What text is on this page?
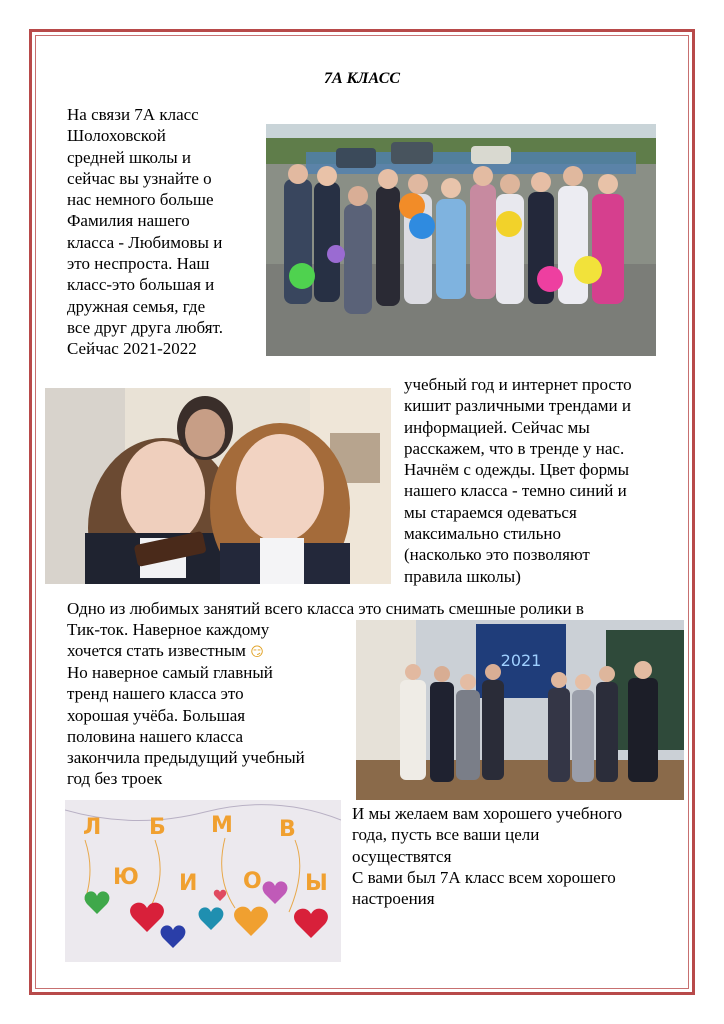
7А КЛАСС
На связи 7А класс
Шолоховской
средней школы и
сейчас вы узнайте о
нас немного больше
Фамилия нашего
класса - Любимовы и
это неспроста. Наш
класс-это большая и
дружная семья, где
все друг друга любят.
Сейчас 2021-2022
учебный год и интернет просто
кишит различными трендами и
информацией. Сейчас мы
расскажем, что в тренде у нас.
Начнём с одежды. Цвет формы
нашего класса - темно синий и
мы стараемся одеваться
максимально стильно
(насколько это позволяют
правила школы)
Одно из любимых занятий всего класса это снимать смешные ролики в
Тик-ток. Наверное каждому
хочется стать известным 😏	2021
Но наверное самый главный
тренд нашего класса это
хорошая учёба. Большая
половина нашего класса
закончила предыдущий учебный
год без троек
Л Б М В
Ю И О Ы
И мы желаем вам хорошего учебного
года, пусть все ваши цели
осуществятся
С вами был 7А класс всем хорошего
настроения
